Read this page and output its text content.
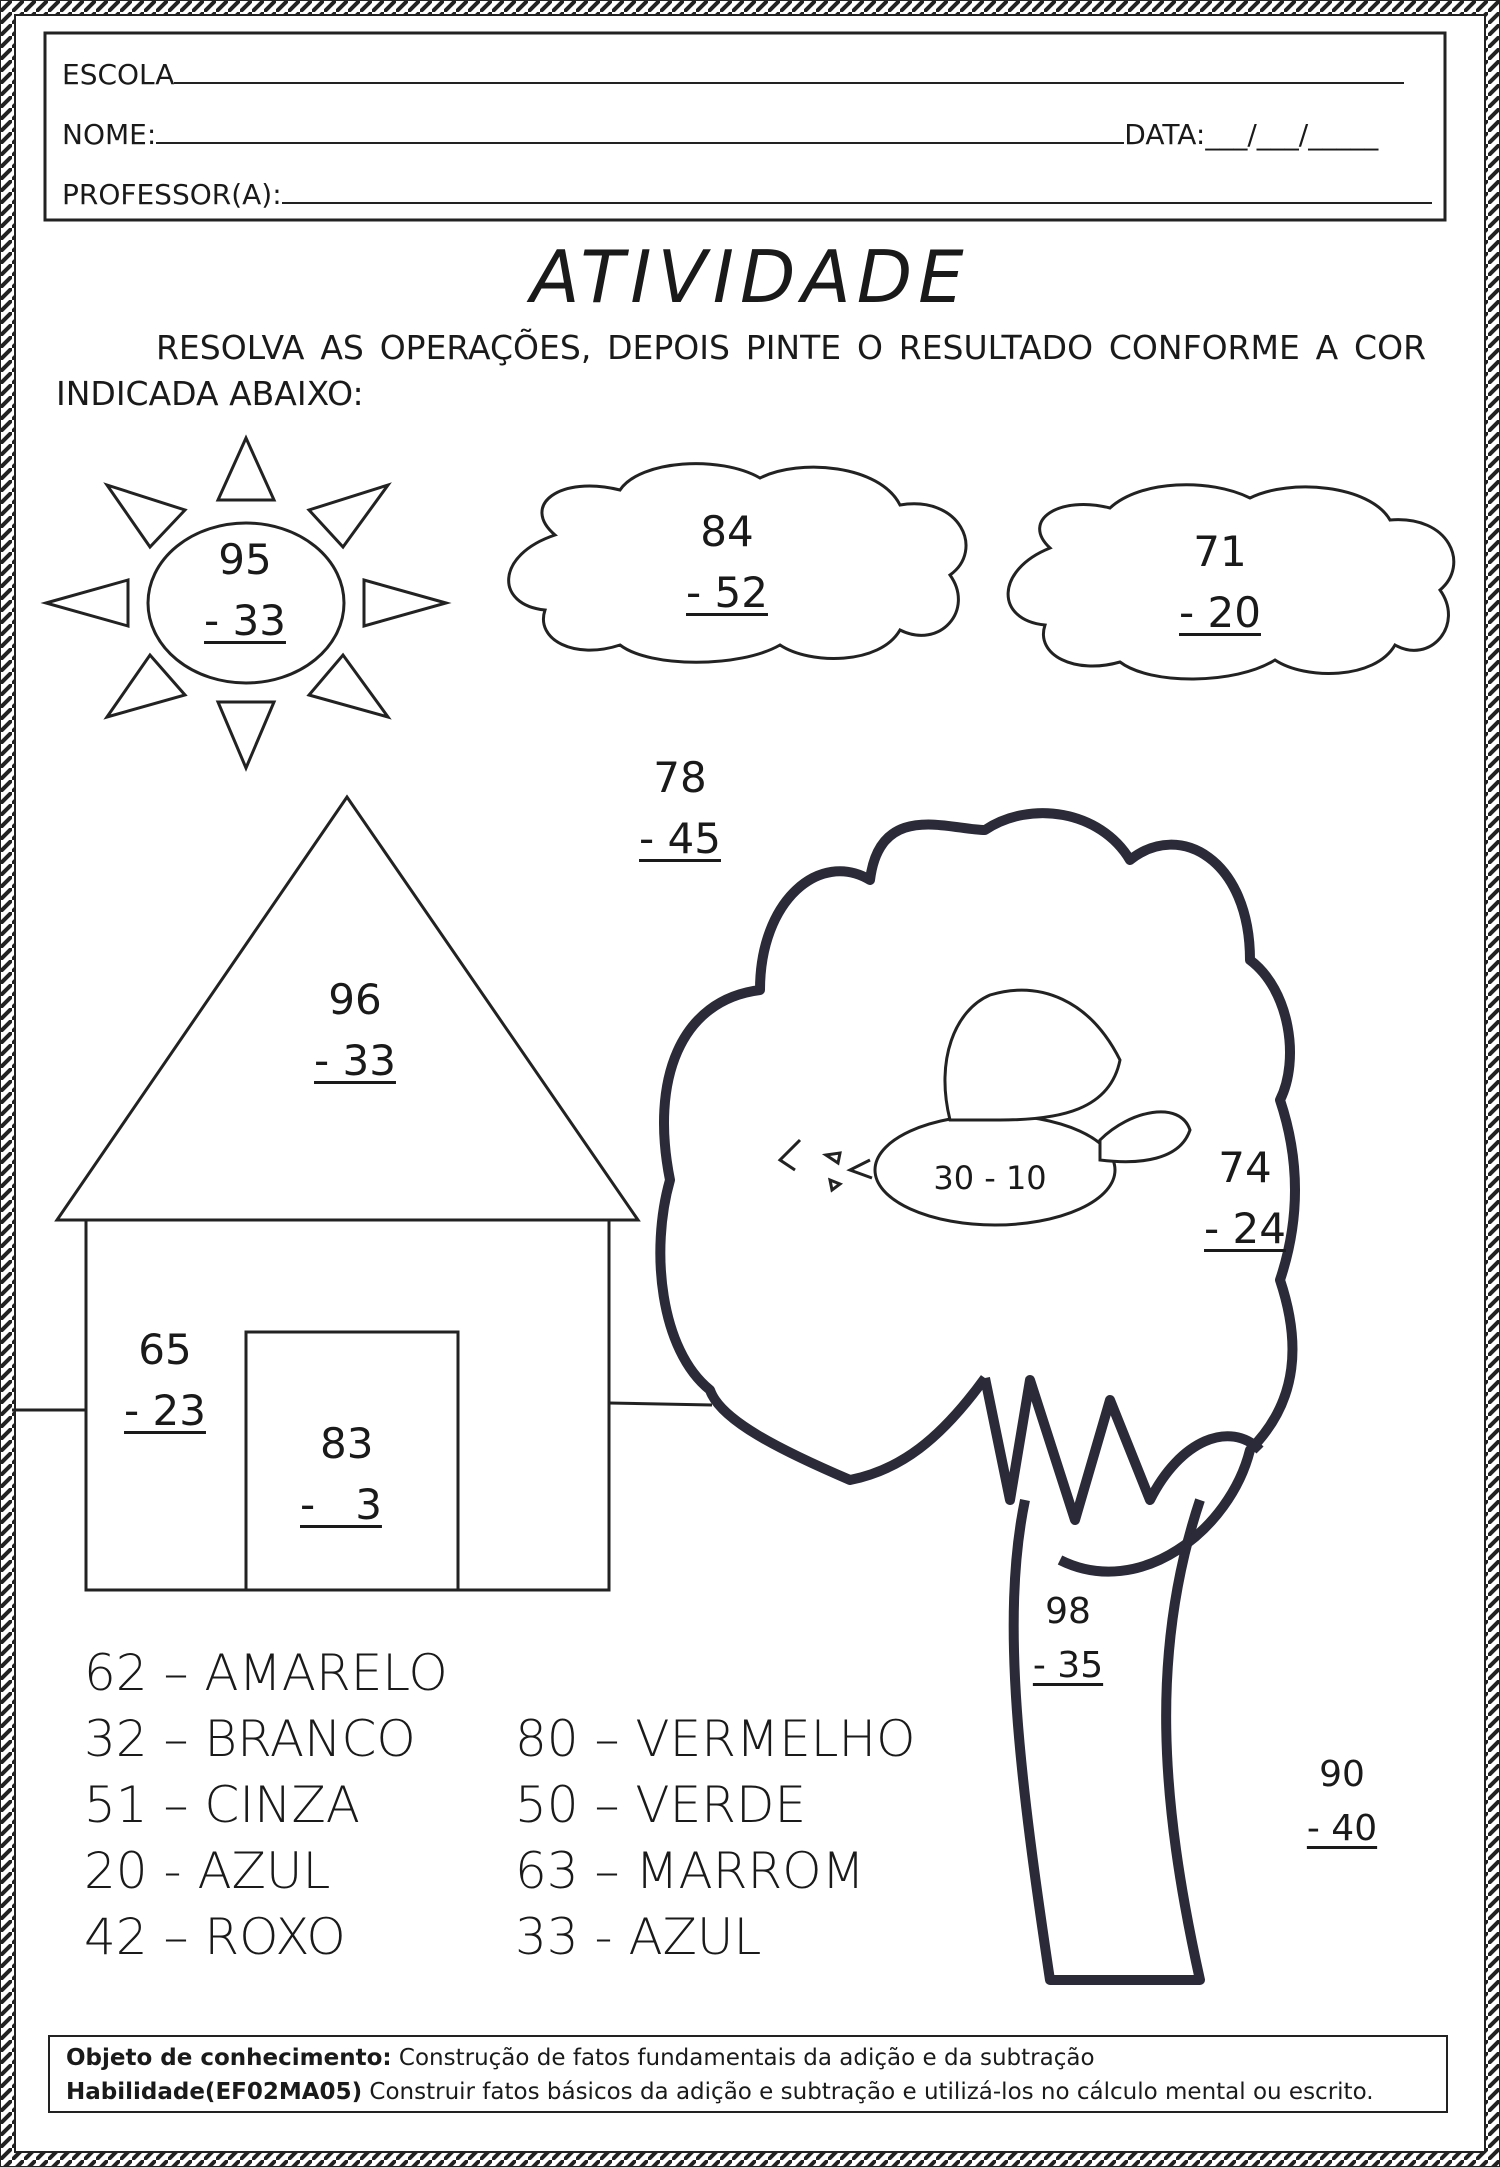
ESCOLA
NOME:	DATA:___/___/_____
PROFESSOR(A):
ATIVIDADE
RESOLVA AS OPERAÇÕES, DEPOIS PINTE O RESULTADO CONFORME A COR INDICADA ABAIXO:
95
- 33
84
- 52
71
- 20
78
- 45
96
- 33
65
- 23
83
-   3
30 - 10	74
- 24
98
- 35
90
- 40
62 – AMARELO
32 – BRANCO
51 – CINZA
20 - AZUL
42 – ROXO
80 – VERMELHO
50 – VERDE
63 – MARROM
33 - AZUL
Objeto de conhecimento: Construção de fatos fundamentais da adição e da subtração
Habilidade(EF02MA05) Construir fatos básicos da adição e subtração e utilizá-los no cálculo mental ou escrito.
